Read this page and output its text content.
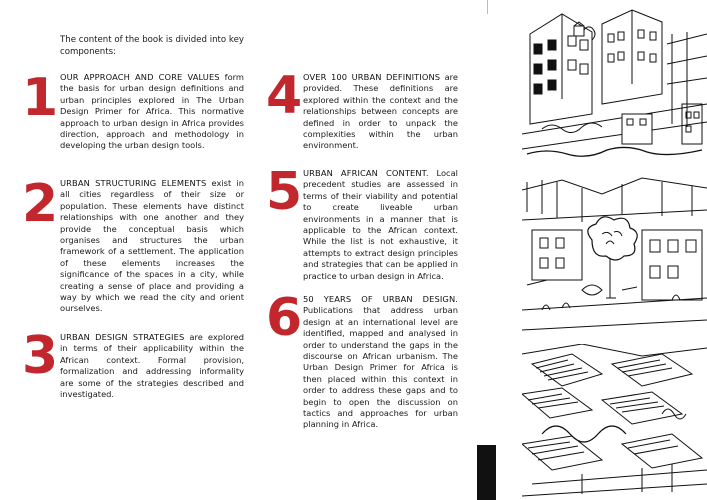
The content of the book is divided into key components:
1 OUR APPROACH AND CORE VALUES form the basis for urban design definitions and urban principles explored in The Urban Design Primer for Africa. This normative approach to urban design in Africa provides direction, approach and methodology in developing the urban design tools.
2 URBAN STRUCTURING ELEMENTS exist in all cities regardless of their size or population. These elements have distinct relationships with one another and they provide the conceptual basis which organises and structures the urban framework of a settlement. The application of these elements increases the significance of the spaces in a city, while creating a sense of place and providing a way by which we read the city and orient ourselves.
3 URBAN DESIGN STRATEGIES are explored in terms of their applicability within the African context. Formal provision, formalization and addressing informality are some of the strategies described and investigated.
4 OVER 100 URBAN DEFINITIONS are provided. These definitions are explored within the context and the relationships between concepts are defined in order to unpack the complexities within the urban environment.
5 URBAN AFRICAN CONTENT. Local precedent studies are assessed in terms of their viability and potential to create liveable urban environments in a manner that is applicable to the African context. While the list is not exhaustive, it attempts to extract design principles and strategies that can be applied in practice to urban design in Africa.
6 50 YEARS OF URBAN DESIGN. Publications that address urban design at an international level are identified, mapped and analysed in order to understand the gaps in the discourse on African urbanism. The Urban Design Primer for Africa is then placed within this context in order to address these gaps and to begin to open the discussion on tactics and approaches for urban planning in Africa.
